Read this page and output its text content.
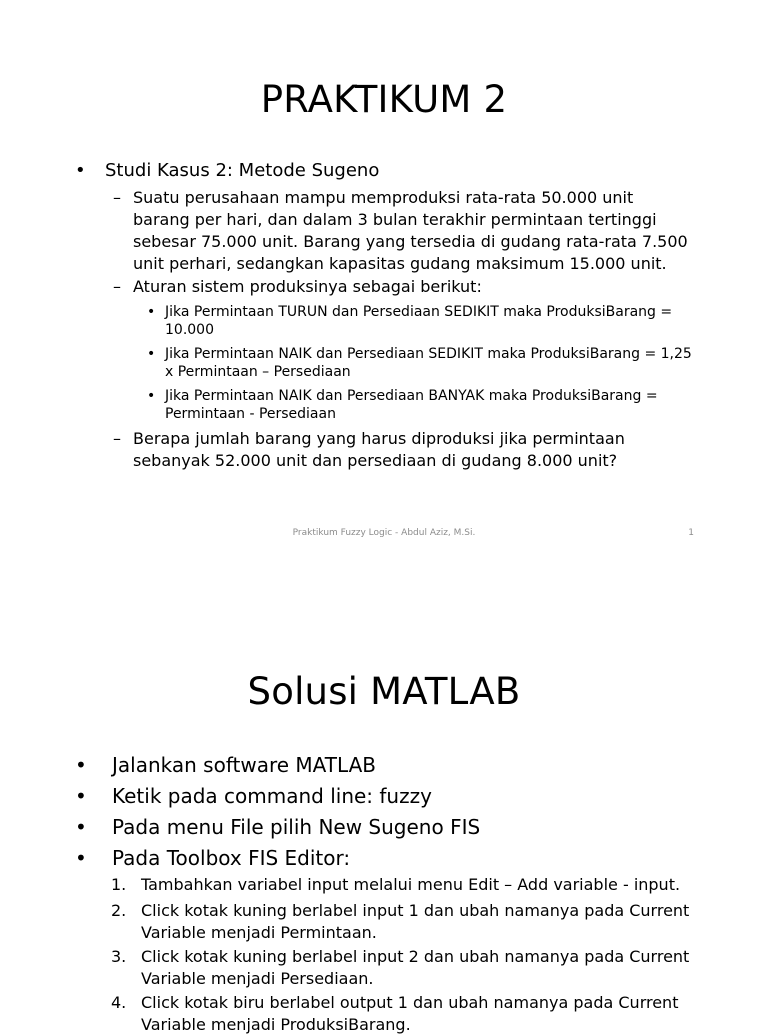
PRAKTIKUM 2
•	Studi Kasus 2: Metode Sugeno
– Suatu perusahaan mampu memproduksi rata-rata 50.000 unit barang per hari, dan dalam 3 bulan terakhir permintaan tertinggi sebesar 75.000 unit. Barang yang tersedia di gudang rata-rata 7.500 unit perhari, sedangkan kapasitas gudang maksimum 15.000 unit.
– Aturan sistem produksinya sebagai berikut:
• Jika Permintaan TURUN dan Persediaan SEDIKIT maka ProduksiBarang = 10.000
• Jika Permintaan NAIK dan Persediaan SEDIKIT maka ProduksiBarang = 1,25 x Permintaan – Persediaan
• Jika Permintaan NAIK dan Persediaan BANYAK maka ProduksiBarang = Permintaan - Persediaan
– Berapa jumlah barang yang harus diproduksi jika permintaan sebanyak 52.000 unit dan persediaan di gudang 8.000 unit?
Praktikum Fuzzy Logic - Abdul Aziz, M.Si.	1
Solusi MATLAB
•	Jalankan software MATLAB
•	Ketik pada command line: fuzzy
•	Pada menu File pilih New Sugeno FIS
•	Pada Toolbox FIS Editor:
1. Tambahkan variabel input melalui menu Edit – Add variable - input.
2. Click kotak kuning berlabel input 1 dan ubah namanya pada Current Variable menjadi Permintaan.
3. Click kotak kuning berlabel input 2 dan ubah namanya pada Current Variable menjadi Persediaan.
4. Click kotak biru berlabel output 1 dan ubah namanya pada Current Variable menjadi ProduksiBarang.
